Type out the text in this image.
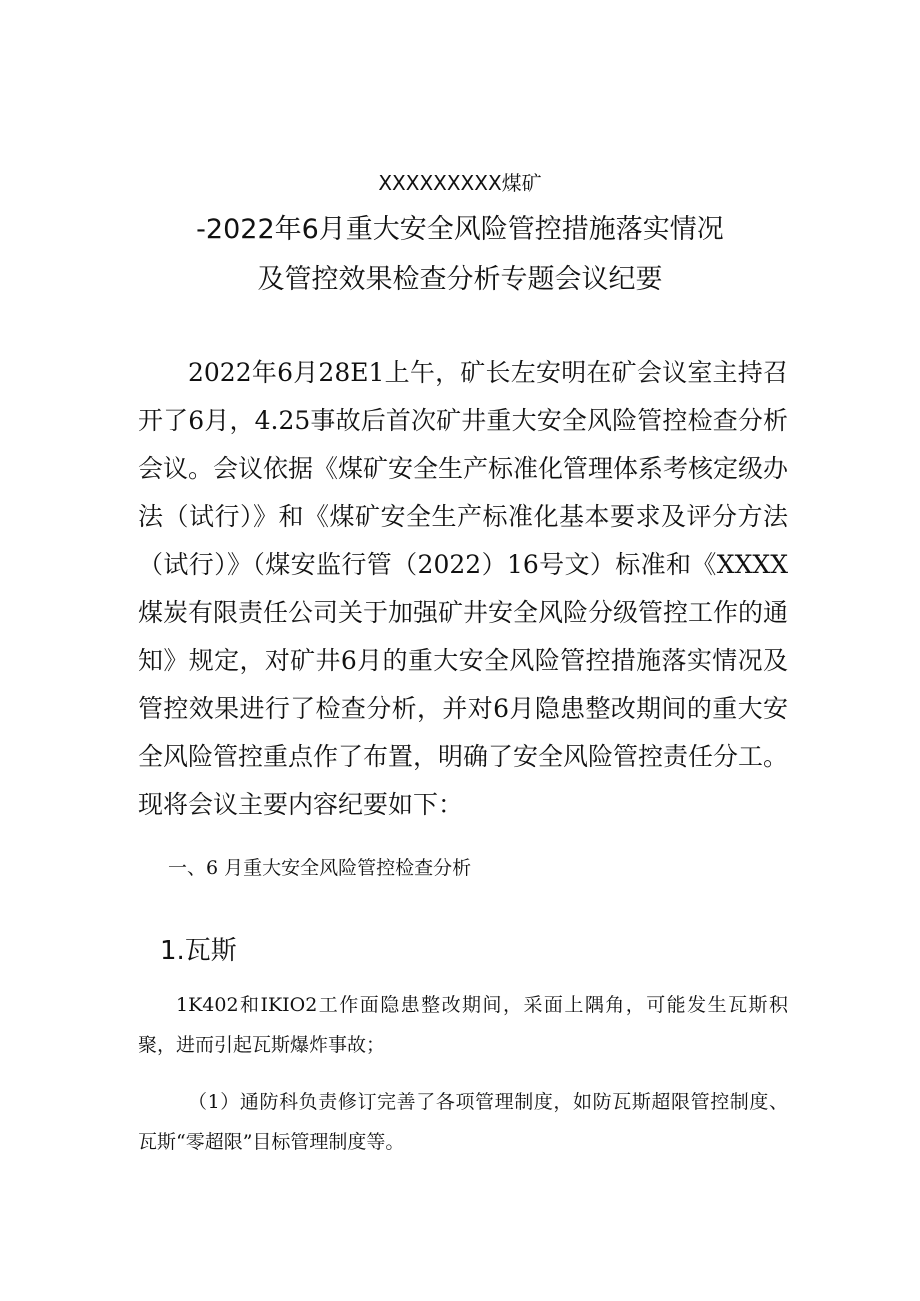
XXXXXXXXX煤矿
-2022年6月重大安全风险管控措施落实情况
及管控效果检查分析专题会议纪要

2022年6月28E1上午，矿长左安明在矿会议室主持召开了6月，4.25事故后首次矿井重大安全风险管控检查分析会议。会议依据《煤矿安全生产标准化管理体系考核定级办法（试行）》和《煤矿安全生产标准化基本要求及评分方法（试行）》（煤安监行管（2022）16号文）标准和《XXXX煤炭有限责任公司关于加强矿井安全风险分级管控工作的通知》规定，对矿井6月的重大安全风险管控措施落实情况及管控效果进行了检查分析，并对6月隐患整改期间的重大安全风险管控重点作了布置，明确了安全风险管控责任分工。现将会议主要内容纪要如下：

一、6 月重大安全风险管控检查分析
1.瓦斯

1K402和IKIO2工作面隐患整改期间，采面上隅角，可能发生瓦斯积聚，进而引起瓦斯爆炸事故；

（1）通防科负责修订完善了各项管理制度，如防瓦斯超限管控制度、瓦斯“零超限”目标管理制度等。
